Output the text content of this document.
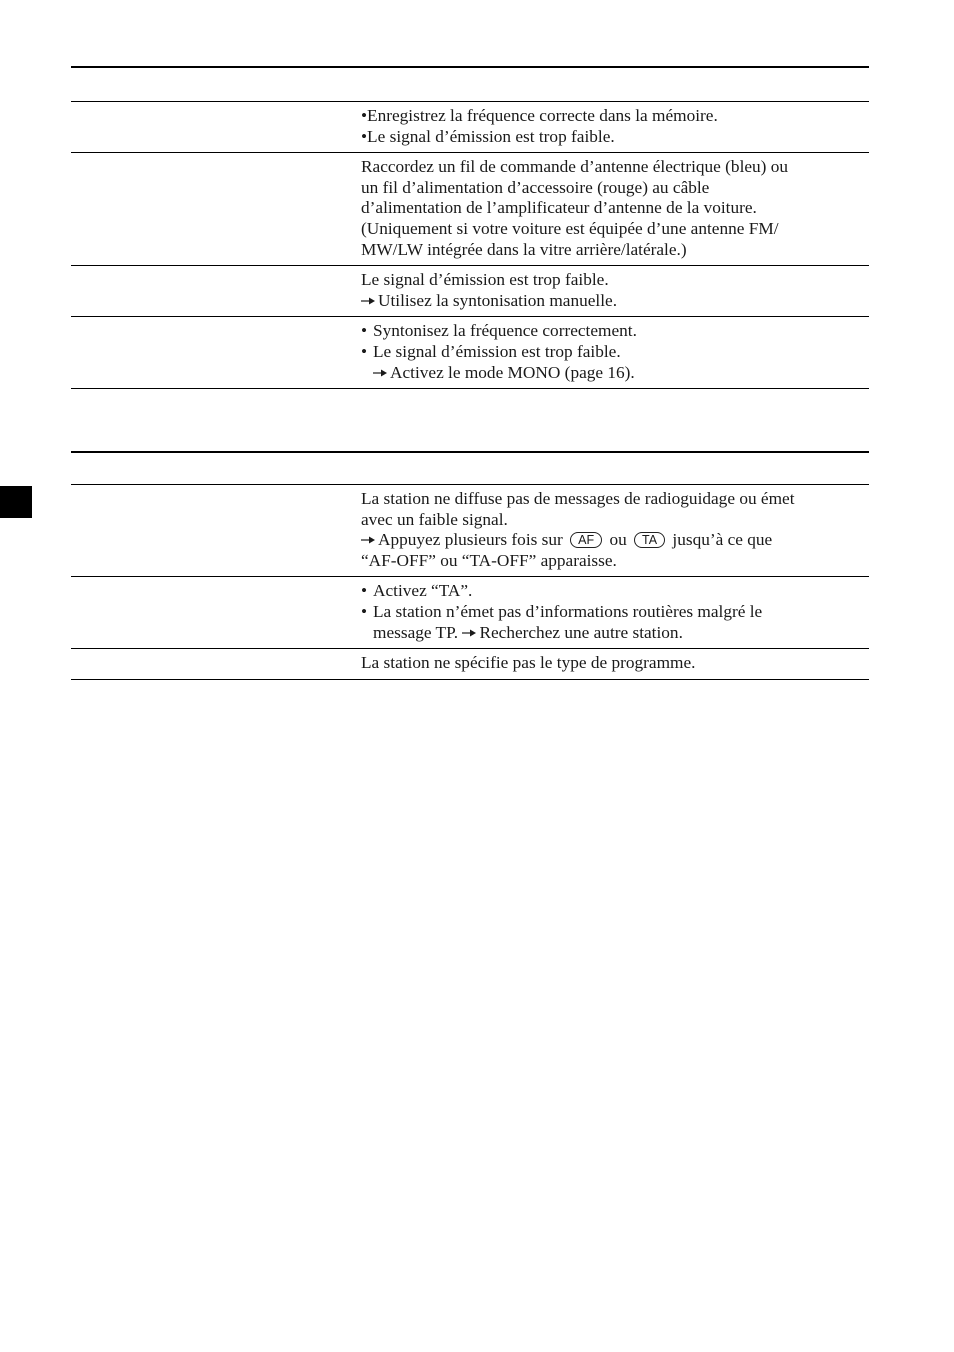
•Enregistrez la fréquence correcte dans la mémoire.
•Le signal d’émission est trop faible.
Raccordez un fil de commande d’antenne électrique (bleu) ou
un fil d’alimentation d’accessoire (rouge) au câble
d’alimentation de l’amplificateur d’antenne de la voiture.
(Uniquement si votre voiture est équipée d’une antenne FM/
MW/LW intégrée dans la vitre arrière/latérale.)
Le signal d’émission est trop faible.
Utilisez la syntonisation manuelle.
• Syntonisez la fréquence correctement.
• Le signal d’émission est trop faible.
Activez le mode MONO (page 16).
La station ne diffuse pas de messages de radioguidage ou émet
avec un faible signal.
Appuyez plusieurs fois sur AF ou TA jusqu’à ce que
“AF-OFF” ou “TA-OFF” apparaisse.
• Activez “TA”.
• La station n’émet pas d’informations routières malgré le
message TP. Recherchez une autre station.
La station ne spécifie pas le type de programme.
